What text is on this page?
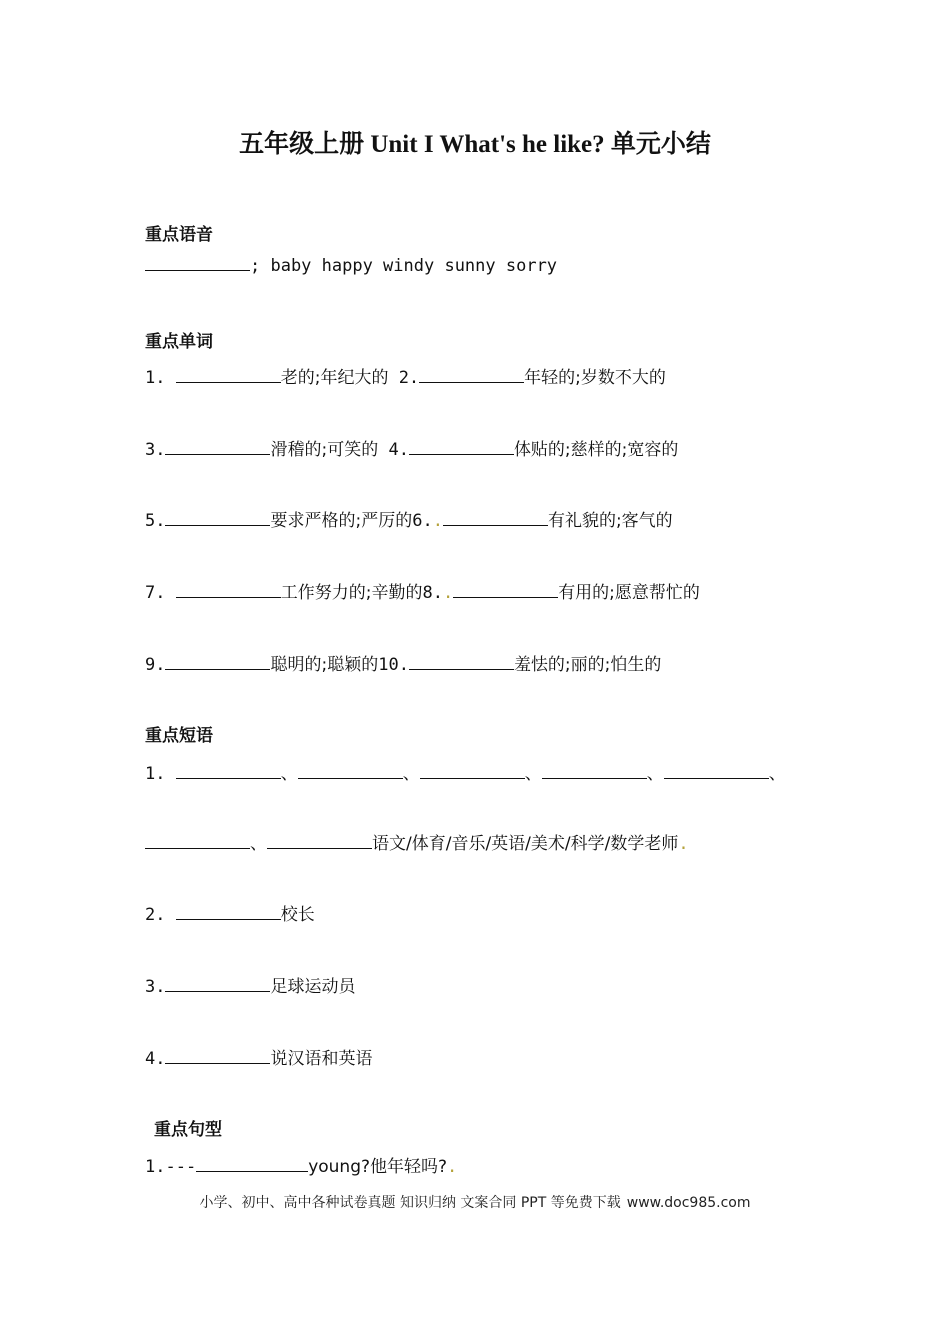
五年级上册 Unit I What's he like? 单元小结
重点语音
; baby happy windy sunny sorry
重点单词
1.	老的;年纪大的 2.	年轻的;岁数不大的
3.	滑稽的;可笑的 4.	体贴的;慈样的;宽容的
5.	要求严格的;严厉的6..	有礼貌的;客气的
7.	工作努力的;辛勤的8..	有用的;愿意帮忙的
9.	聪明的;聪颖的10.	羞怯的;丽的;怕生的
重点短语
1.	、	、	、	、	、
、	语文/体育/音乐/英语/美术/科学/数学老师.
2.	校长
3.	足球运动员
4.	说汉语和英语
重点句型
1.---	young?他年轻吗?.
小学、初中、高中各种试卷真题 知识归纳 文案合同 PPT 等免费下载 www.doc985.com
